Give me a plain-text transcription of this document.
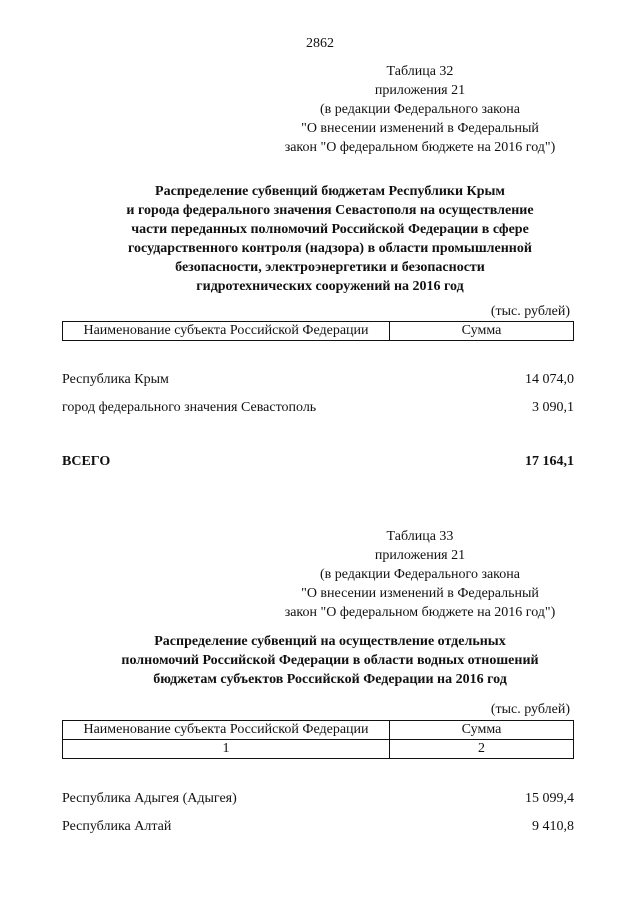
2862
Таблица 32
приложения 21
(в редакции Федерального закона
"О внесении изменений в Федеральный
закон "О федеральном бюджете на 2016 год")
Распределение субвенций бюджетам Республики Крым
и города федерального значения Севастополя на осуществление
части переданных полномочий Российской Федерации в сфере
государственного контроля (надзора) в области промышленной
безопасности, электроэнергетики и безопасности
гидротехнических сооружений на 2016 год
(тыс. рублей)
Наименование субъекта Российской Федерации	Сумма
Республика Крым	14 074,0
город федерального значения Севастополь	3 090,1
ВСЕГО	17 164,1
Таблица 33
приложения 21
(в редакции Федерального закона
"О внесении изменений в Федеральный
закон "О федеральном бюджете на 2016 год")
Распределение субвенций на осуществление отдельных
полномочий Российской Федерации в области водных отношений
бюджетам субъектов Российской Федерации на 2016 год
(тыс. рублей)
Наименование субъекта Российской Федерации	Сумма
1	2
Республика Адыгея (Адыгея)	15 099,4
Республика Алтай	9 410,8
